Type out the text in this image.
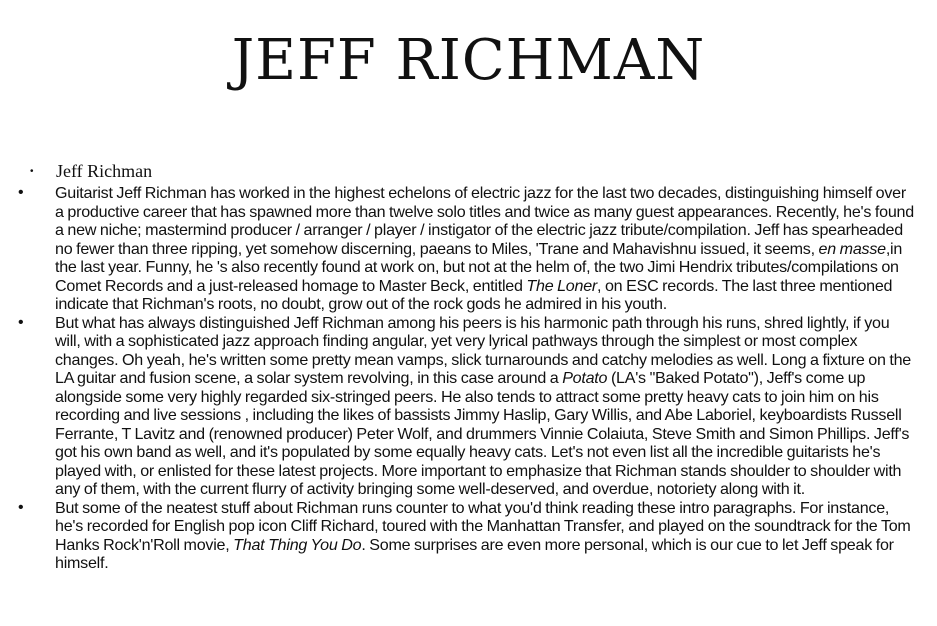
JEFF RICHMAN
• Jeff Richman
• Guitarist Jeff Richman has worked in the highest echelons of electric jazz for the last two decades, distinguishing himself over a productive career that has spawned more than twelve solo titles and twice as many guest appearances. Recently, he's found a new niche; mastermind producer / arranger / player / instigator of the electric jazz tribute/compilation. Jeff has spearheaded no fewer than three ripping, yet somehow discerning, paeans to Miles, 'Trane and Mahavishnu issued, it seems, en masse,in the last year. Funny, he 's also recently found at work on, but not at the helm of, the two Jimi Hendrix tributes/compilations on Comet Records and a just-released homage to Master Beck, entitled The Loner, on ESC records. The last three mentioned indicate that Richman's roots, no doubt, grow out of the rock gods he admired in his youth.

• But what has always distinguished Jeff Richman among his peers is his harmonic path through his runs, shred lightly, if you will, with a sophisticated jazz approach finding angular, yet very lyrical pathways through the simplest or most complex changes. Oh yeah, he's written some pretty mean vamps, slick turnarounds and catchy melodies as well. Long a fixture on the LA guitar and fusion scene, a solar system revolving, in this case around a Potato (LA's "Baked Potato"), Jeff's come up alongside some very highly regarded six-stringed peers. He also tends to attract some pretty heavy cats to join him on his recording and live sessions , including the likes of bassists Jimmy Haslip, Gary Willis, and Abe Laboriel, keyboardists Russell Ferrante, T Lavitz and (renowned producer) Peter Wolf, and drummers Vinnie Colaiuta, Steve Smith and Simon Phillips. Jeff's got his own band as well, and it's populated by some equally heavy cats. Let's not even list all the incredible guitarists he's played with, or enlisted for these latest projects. More important to emphasize that Richman stands shoulder to shoulder with any of them, with the current flurry of activity bringing some well-deserved, and overdue, notoriety along with it.

• But some of the neatest stuff about Richman runs counter to what you'd think reading these intro paragraphs. For instance, he's recorded for English pop icon Cliff Richard, toured with the Manhattan Transfer, and played on the soundtrack for the Tom Hanks Rock'n'Roll movie, That Thing You Do. Some surprises are even more personal, which is our cue to let Jeff speak for himself.
